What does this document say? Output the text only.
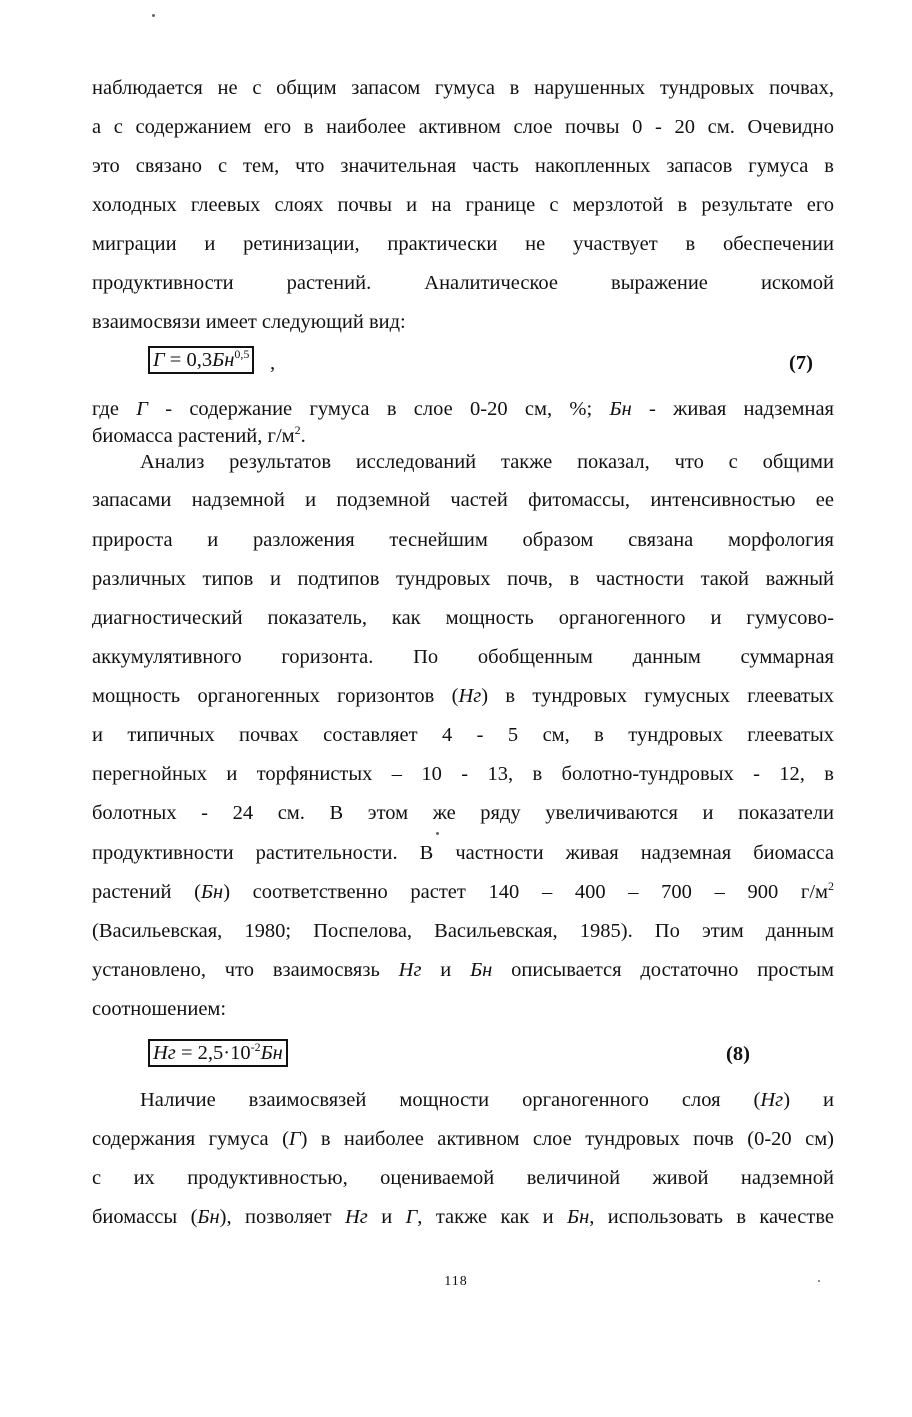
наблюдается не с общим запасом гумуса в нарушенных тундровых почвах,
а с содержанием его в наиболее активном слое почвы 0 - 20 см. Очевидно
это связано с тем, что значительная часть накопленных запасов гумуса в
холодных глеевых слоях почвы и на границе с мерзлотой в результате его
миграции и ретинизации, практически не участвует в обеспечении
продуктивности растений. Аналитическое выражение искомой
взаимосвязи имеет следующий вид:
Г = 0,3Бн$^{0,5}$ ,	(7)
где Г - содержание гумуса в слое 0-20 см, %; Бн - живая надземная
биомасса растений, $г/м^2$.
Анализ результатов исследований также показал, что с общими
запасами надземной и подземной частей фитомассы, интенсивностью ее
прироста и разложения теснейшим образом связана морфология
различных типов и подтипов тундровых почв, в частности такой важный
диагностический показатель, как мощность органогенного и гумусово-
аккумулятивного горизонта. По обобщенным данным суммарная
мощность органогенных горизонтов (Нг) в тундровых гумусных глееватых
и типичных почвах составляет 4 - 5 см, в тундровых глееватых
перегнойных и торфянистых – 10 - 13, в болотно-тундровых - 12, в
болотных - 24 см. В этом же ряду увеличиваются и показатели
продуктивности растительности. В частности живая надземная биомасса
растений (Бн) соответственно растет 140 – 400 – 700 – 900 $г/м^2$
(Васильевская, 1980; Поспелова, Васильевская, 1985). По этим данным
установлено, что взаимосвязь Нг и Бн описывается достаточно простым
соотношением:
Нг = $2,5\cdot 10^{-2}Бн$	(8)
Наличие взаимосвязей мощности органогенного слоя (Нг) и
содержания гумуса (Г) в наиболее активном слое тундровых почв (0-20 см)
с их продуктивностью, оцениваемой величиной живой надземной
биомассы (Бн), позволяет Нг и Г, также как и Бн, использовать в качестве
118
